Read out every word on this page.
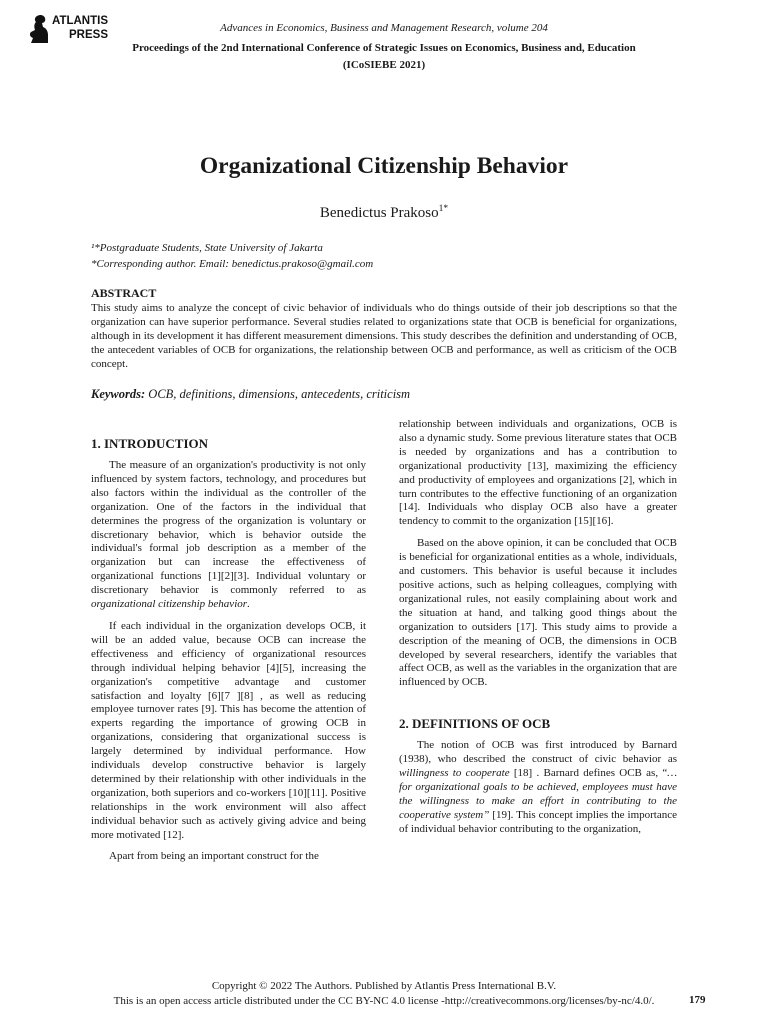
ATLANTIS
PRESS
Advances in Economics, Business and Management Research, volume 204
Proceedings of the 2nd International Conference of Strategic Issues on Economics, Business and, Education (ICoSIEBE 2021)
Organizational Citizenship Behavior
Benedictus Prakoso$^{1*}$

¹*Postgraduate Students, State University of Jakarta

*Corresponding author. Email: benedictus.prakoso@gmail.com

ABSTRACT

This study aims to analyze the concept of civic behavior of individuals who do things outside of their job descriptions so that the organization can have superior performance. Several studies related to organizations state that OCB is beneficial for organizations, although in its development it has different measurement dimensions. This study describes the definition and understanding of OCB, the antecedent variables of OCB for organizations, the relationship between OCB and performance, as well as criticism of the OCB concept.

Keywords: OCB, definitions, dimensions, antecedents, criticism
1. INTRODUCTION

The measure of an organization's productivity is not only influenced by system factors, technology, and procedures but also factors within the individual as the controller of the organization. One of the factors in the individual that determines the progress of the organization is voluntary or discretionary behavior, which is behavior outside the individual's formal job description as a member of the organization but can increase the effectiveness of organizational functions [1][2][3]. Individual voluntary or discretionary behavior is commonly referred to as organizational citizenship behavior.

If each individual in the organization develops OCB, it will be an added value, because OCB can increase the effectiveness and efficiency of organizational resources through individual helping behavior [4][5], increasing the organization's competitive advantage and customer satisfaction and loyalty [6][7 ][8] , as well as reducing employee turnover rates [9]. This has become the attention of experts regarding the importance of growing OCB in organizations, considering that organizational success is largely determined by individual performance. How individuals develop constructive behavior is largely determined by their relationship with other individuals in the organization, both superiors and co-workers [10][11]. Positive relationships in the work environment will also affect individual behavior such as actively giving advice and being more motivated [12].

Apart from being an important construct for the

relationship between individuals and organizations, OCB is also a dynamic study. Some previous literature states that OCB is needed by organizations and has a contribution to organizational productivity [13], maximizing the efficiency and productivity of employees and organizations [2], which in turn contributes to the effective functioning of an organization [14]. Individuals who display OCB also have a greater tendency to commit to the organization [15][16].

Based on the above opinion, it can be concluded that OCB is beneficial for organizational entities as a whole, individuals, and customers. This behavior is useful because it includes positive actions, such as helping colleagues, complying with organizational rules, not easily complaining about work and the situation at hand, and talking good things about the organization to outsiders [17]. This study aims to provide a description of the meaning of OCB, the dimensions in OCB developed by several researchers, identify the variables that affect OCB, as well as the variables in the organization that are influenced by OCB.

2. DEFINITIONS OF OCB

The notion of OCB was first introduced by Barnard (1938), who described the construct of civic behavior as willingness to cooperate [18] . Barnard defines OCB as, “… for organizational goals to be achieved, employees must have the willingness to make an effort in contributing to the cooperative system” [19]. This concept implies the importance of individual behavior contributing to the organization,

Copyright © 2022 The Authors. Published by Atlantis Press International B.V.
This is an open access article distributed under the CC BY-NC 4.0 license -http://creativecommons.org/licenses/by-nc/4.0/.	179
